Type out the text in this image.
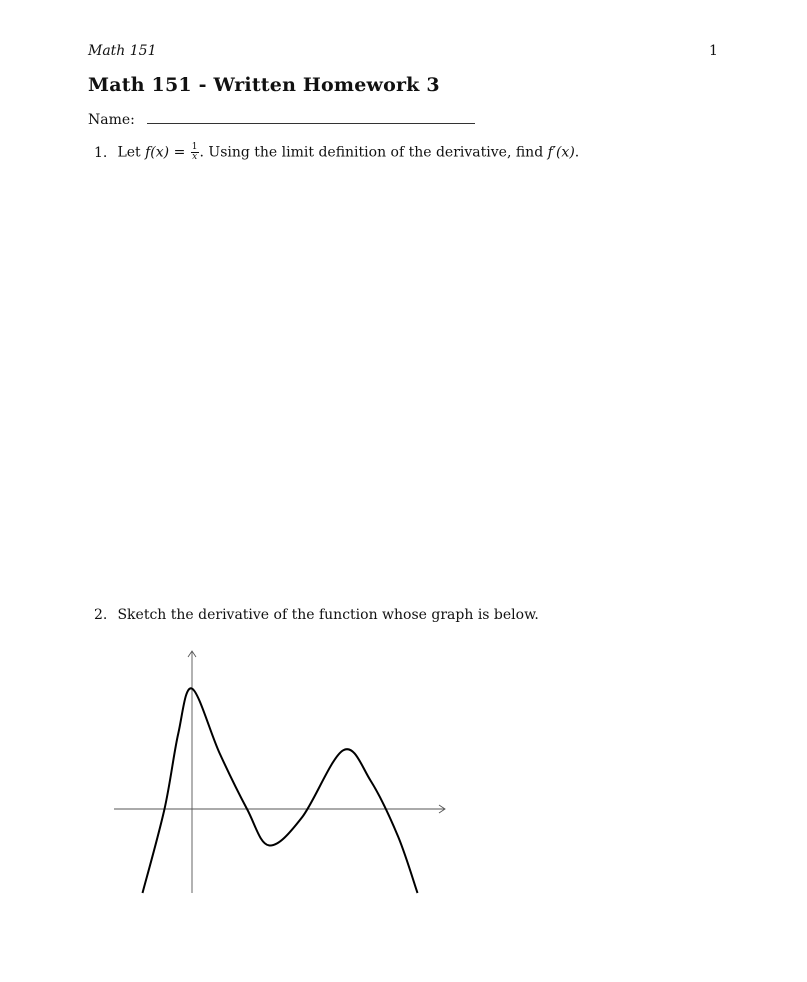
Math 151	1
Math 151 - Written Homework 3
Name:
1. Let $f(x) = \frac{1}{x}$ . Using the limit definition of the derivative, find f′(x).
2. Sketch the derivative of the function whose graph is below.
